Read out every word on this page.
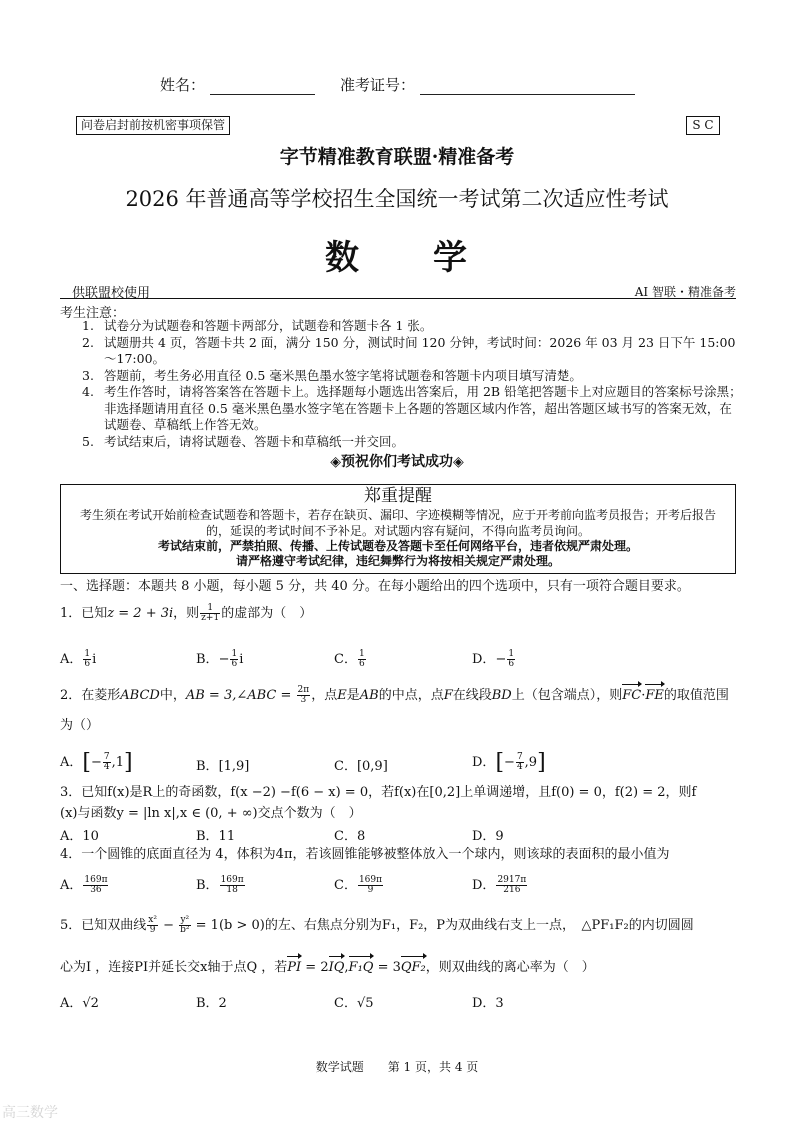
姓名：	准考证号：
问卷启封前按机密事项保管	S C
字节精准教育联盟·精准备考
2026 年普通高等学校招生全国统一考试第二次适应性考试
数　　学
供联盟校使用	AI 智联・精准备考
考生注意：
1. 试卷分为试题卷和答题卡两部分，试题卷和答题卡各 1 张。
2. 试题册共 4 页，答题卡共 2 面，满分 150 分，测试时间 120 分钟，考试时间：2026 年 03 月 23 日下午 15:00～17:00。
3. 答题前，考生务必用直径 0.5 毫米黑色墨水签字笔将试题卷和答题卡内项目填写清楚。
4. 考生作答时，请将答案答在答题卡上。选择题每小题选出答案后，用 2B 铅笔把答题卡上对应题目的答案标号涂黑；非选择题请用直径 0.5 毫米黑色墨水签字笔在答题卡上各题的答题区域内作答，超出答题区域书写的答案无效，在试题卷、草稿纸上作答无效。
5. 考试结束后，请将试题卷、答题卡和草稿纸一并交回。
◈预祝你们考试成功◈
郑重提醒
考生须在考试开始前检查试题卷和答题卡，若存在缺页、漏印、字迹模糊等情况，应于开考前向监考员报告；开考后报告的，延误的考试时间不予补足。对试题内容有疑问，不得向监考员询问。
考试结束前，严禁拍照、传播、上传试题卷及答题卡至任何网络平台，违者依规严肃处理。
请严格遵守考试纪律，违纪舞弊行为将按相关规定严肃处理。
一、选择题：本题共 8 小题，每小题 5 分，共 40 分。在每小题给出的四个选项中，只有一项符合题目要求。
1．已知z = 2 + 3i，则 $\frac{1}{z+1}$ 的虚部为（　）
A． $\frac{1}{6}$ i	B．− $\frac{1}{6}$ i	C． $\frac{1}{6}$	D．− $\frac{1}{6}$
2．在菱形ABCD中，AB = 3,∠ABC = $\frac{2\pi}{3}$ ，点E是AB的中点，点F在线段BD上（包含端点），则FC·FE的取值范围
为（）
A．[− $\frac{7}{4} ,1$]	B．[1,9]	C．[0,9]	D．[− $\frac{7}{4} ,9$]
3．已知f(x)是R上的奇函数，f(x −2) −f(6 − x) = 0，若f(x)在[0,2]上单调递增，且f(0) = 0，f(2) = 2，则f
(x)与函数y = |ln x|,x ∈ (0, + ∞)交点个数为（　）
A．10	B．11	C．8	D．9
4．一个圆锥的底面直径为 4，体积为4π，若该圆锥能够被整体放入一个球内，则该球的表面积的最小值为
A． $\frac{169\pi}{36}$	B． $\frac{169\pi}{18}$	C． $\frac{169\pi}{9}$	D． $\frac{2917\pi}{216}$
5．已知双曲线 $\frac{\text{x²}}{9} - \frac{\text{y²}}{\text{b²}} = 1(b > 0)$的左、右焦点分别为F₁，F₂，P为双曲线右支上一点，　△PF₁F₂的内切圆圆
心为I ，连接PI并延长交x轴于点Q ，若PI = 2IQ,F₁Q = 3QF₂，则双曲线的离心率为（　）
A．√2	B．2	C．√5	D．3
数学试题　　第 1 页，共 4 页
高三数学
